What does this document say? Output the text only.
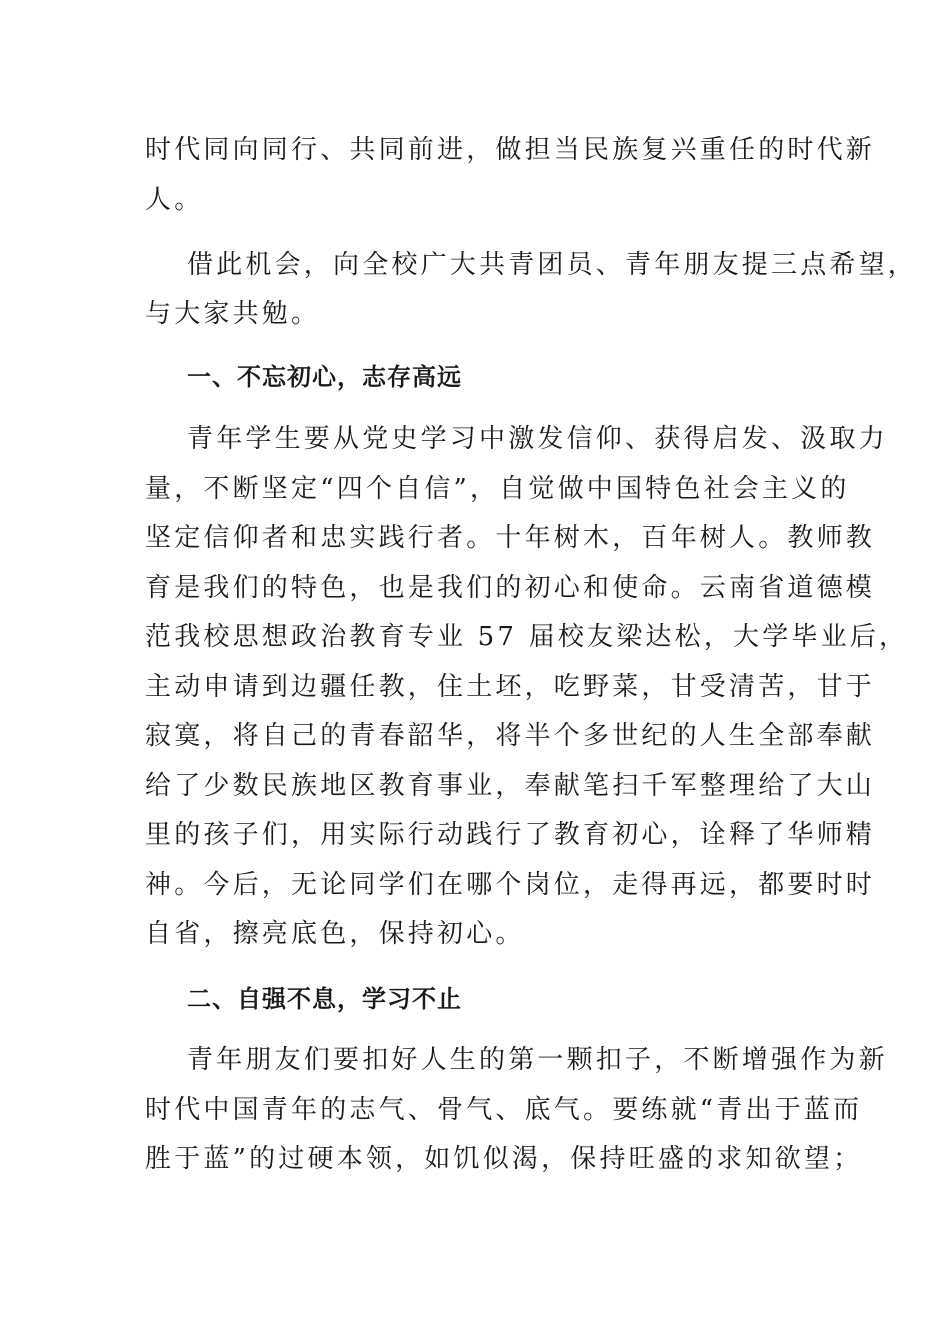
时代同向同行、共同前进，做担当民族复兴重任的时代新
人。
借此机会，向全校广大共青团员、青年朋友提三点希望，
与大家共勉。
一、不忘初心，志存高远
青年学生要从党史学习中激发信仰、获得启发、汲取力
量，不断坚定“四个自信”，自觉做中国特色社会主义的
坚定信仰者和忠实践行者。十年树木，百年树人。教师教
育是我们的特色，也是我们的初心和使命。云南省道德模
范我校思想政治教育专业 57 届校友梁达松，大学毕业后，
主动申请到边疆任教，住土坯，吃野菜，甘受清苦，甘于
寂寞，将自己的青春韶华，将半个多世纪的人生全部奉献
给了少数民族地区教育事业，奉献笔扫千军整理给了大山
里的孩子们，用实际行动践行了教育初心，诠释了华师精
神。今后，无论同学们在哪个岗位，走得再远，都要时时
自省，擦亮底色，保持初心。
二、自强不息，学习不止
青年朋友们要扣好人生的第一颗扣子，不断增强作为新
时代中国青年的志气、骨气、底气。要练就“青出于蓝而
胜于蓝”的过硬本领，如饥似渴，保持旺盛的求知欲望；
